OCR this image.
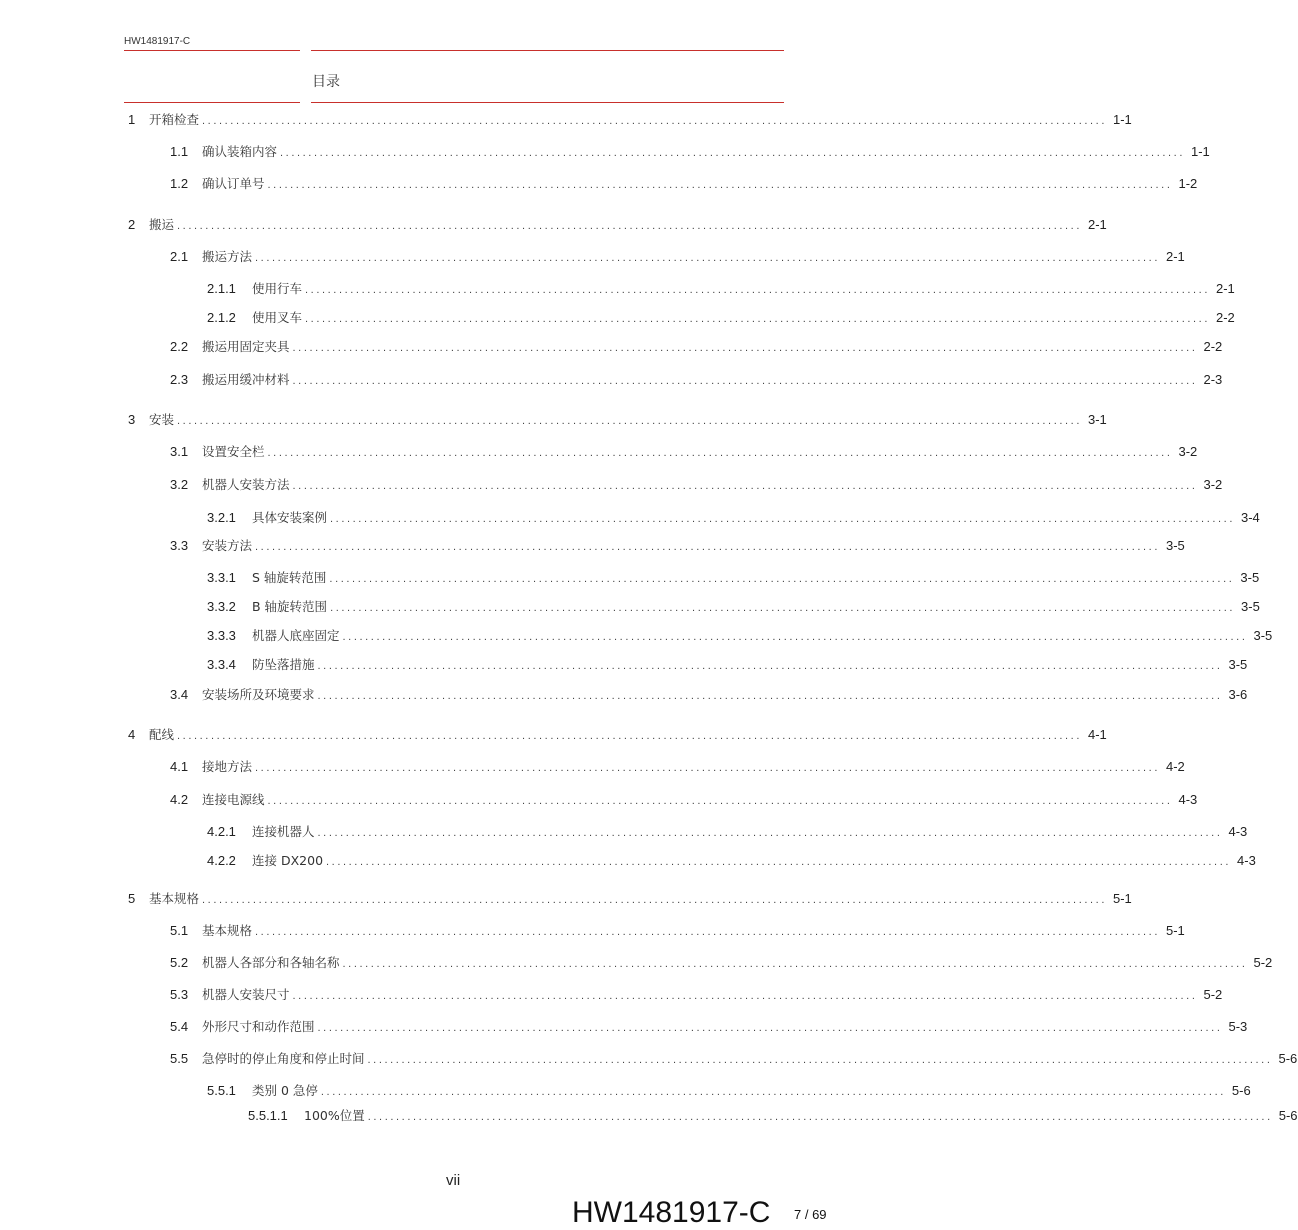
HW1481917-C
目录
1	开箱检查 ................................................................................................................................................................ 1-1
1.1	确认装箱内容 ................................................................................................................................................................ 1-1
1.2	确认订单号 ................................................................................................................................................................ 1-2
2	搬运 ................................................................................................................................................................ 2-1
2.1	搬运方法 ................................................................................................................................................................ 2-1
2.1.1	使用行车 ................................................................................................................................................................ 2-1
2.1.2	使用叉车 ................................................................................................................................................................ 2-2
2.2	搬运用固定夹具 ................................................................................................................................................................ 2-2
2.3	搬运用缓冲材料 ................................................................................................................................................................ 2-3
3	安装 ................................................................................................................................................................ 3-1
3.1	设置安全栏 ................................................................................................................................................................ 3-2
3.2	机器人安装方法 ................................................................................................................................................................ 3-2
3.2.1	具体安装案例 ................................................................................................................................................................ 3-4
3.3	安装方法 ................................................................................................................................................................ 3-5
3.3.1	S 轴旋转范围 ................................................................................................................................................................ 3-5
3.3.2	B 轴旋转范围 ................................................................................................................................................................ 3-5
3.3.3	机器人底座固定 ................................................................................................................................................................ 3-5
3.3.4	防坠落措施 ................................................................................................................................................................ 3-5
3.4	安装场所及环境要求 ................................................................................................................................................................ 3-6
4	配线 ................................................................................................................................................................ 4-1
4.1	接地方法 ................................................................................................................................................................ 4-2
4.2	连接电源线 ................................................................................................................................................................ 4-3
4.2.1	连接机器人 ................................................................................................................................................................ 4-3
4.2.2	连接 DX200 ................................................................................................................................................................ 4-3
5	基本规格 ................................................................................................................................................................ 5-1
5.1	基本规格 ................................................................................................................................................................ 5-1
5.2	机器人各部分和各轴名称 ................................................................................................................................................................ 5-2
5.3	机器人安装尺寸 ................................................................................................................................................................ 5-2
5.4	外形尺寸和动作范围 ................................................................................................................................................................ 5-3
5.5	急停时的停止角度和停止时间 ................................................................................................................................................................ 5-6
5.5.1	类别 0 急停 ................................................................................................................................................................ 5-6
5.5.1.1	100%位置 ................................................................................................................................................................ 5-6
vii
HW1481917-C 7 / 69
